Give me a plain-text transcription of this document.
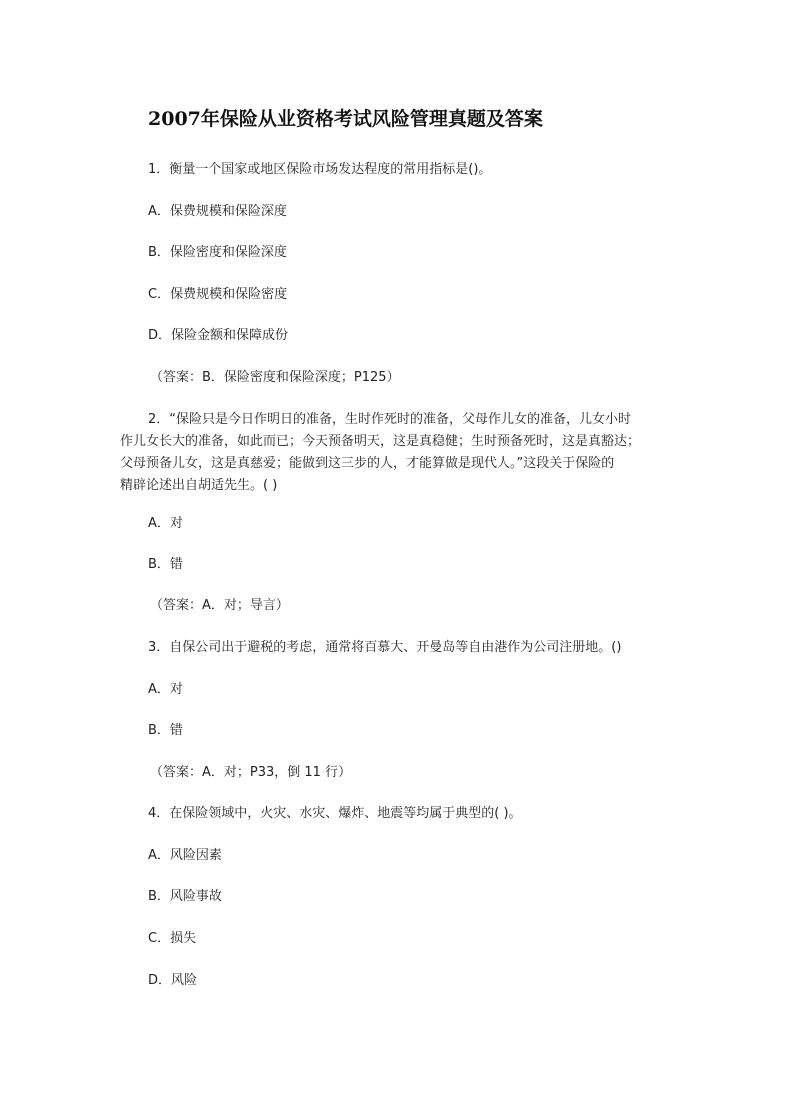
2007年保险从业资格考试风险管理真题及答案
1．衡量一个国家或地区保险市场发达程度的常用指标是()。
A．保费规模和保险深度
B．保险密度和保险深度
C．保费规模和保险密度
D．保险金额和保障成份
（答案：B．保险密度和保险深度；P125）
2．“保险只是今日作明日的准备，生时作死时的准备，父母作儿女的准备，儿女小时
作儿女长大的准备，如此而已；今天预备明天，这是真稳健；生时预备死时，这是真豁达；
父母预备儿女，这是真慈爱；能做到这三步的人，才能算做是现代人。”这段关于保险的
精辟论述出自胡适先生。( )
A．对
B．错
（答案：A．对；导言）
3．自保公司出于避税的考虑，通常将百慕大、开曼岛等自由港作为公司注册地。()
A．对
B．错
（答案：A．对；P33，倒 11 行）
4．在保险领域中，火灾、水灾、爆炸、地震等均属于典型的( )。
A．风险因素
B．风险事故
C．损失
D．风险
